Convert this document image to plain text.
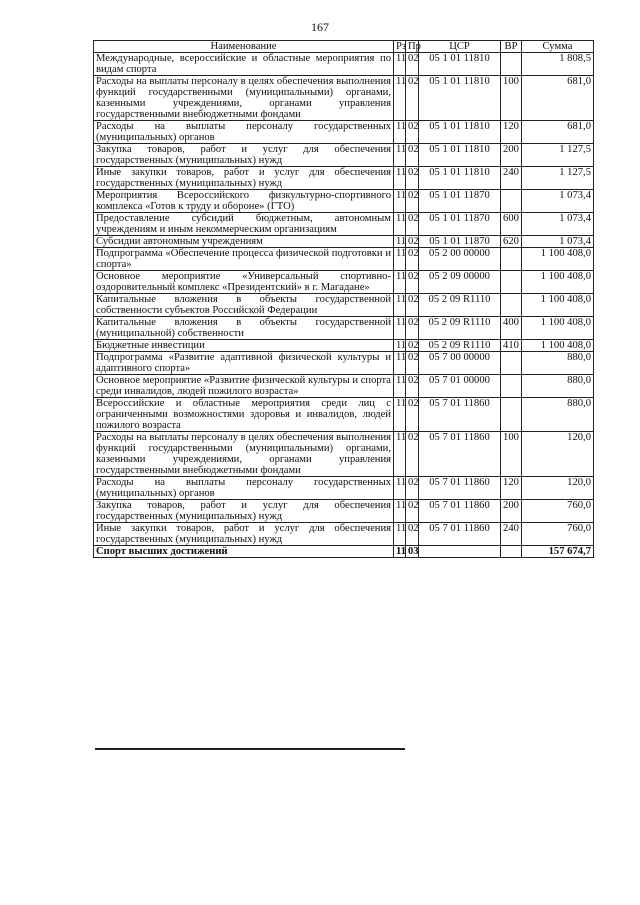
167
Наименование	Рз	Пр	ЦСР	ВР	Сумма
Международные, всероссийские и областные мероприятия по видам спорта	11	02	05 1 01 11810		1 808,5
Расходы на выплаты персоналу в целях обеспечения выполнения функций государственными (муниципальными) органами, казенными учреждениями, органами управления государственными внебюджетными фондами	11	02	05 1 01 11810	100	681,0
Расходы на выплаты персоналу государственных (муниципальных) органов	11	02	05 1 01 11810	120	681,0
Закупка товаров, работ и услуг для обеспечения государственных (муниципальных) нужд	11	02	05 1 01 11810	200	1 127,5
Иные закупки товаров, работ и услуг для обеспечения государственных (муниципальных) нужд	11	02	05 1 01 11810	240	1 127,5
Мероприятия Всероссийского физкультурно-спортивного комплекса «Готов к труду и обороне» (ГТО)	11	02	05 1 01 11870		1 073,4
Предоставление субсидий бюджетным, автономным учреждениям и иным некоммерческим организациям	11	02	05 1 01 11870	600	1 073,4
Субсидии автономным учреждениям	11	02	05 1 01 11870	620	1 073,4
Подпрограмма «Обеспечение процесса физической подготовки и спорта»	11	02	05 2 00 00000		1 100 408,0
Основное мероприятие «Универсальный спортивно-оздоровительный комплекс «Президентский» в г. Магадане»	11	02	05 2 09 00000		1 100 408,0
Капитальные вложения в объекты государственной собственности субъектов Российской Федерации	11	02	05 2 09 R1110		1 100 408,0
Капитальные вложения в объекты государственной (муниципальной) собственности	11	02	05 2 09 R1110	400	1 100 408,0
Бюджетные инвестиции	11	02	05 2 09 R1110	410	1 100 408,0
Подпрограмма «Развитие адаптивной физической культуры и адаптивного спорта»	11	02	05 7 00 00000		880,0
Основное мероприятие «Развитие физической культуры и спорта среди инвалидов, людей пожилого возраста»	11	02	05 7 01 00000		880,0
Всероссийские и областные мероприятия среди лиц с ограниченными возможностями здоровья и инвалидов, людей пожилого возраста	11	02	05 7 01 11860		880,0
Расходы на выплаты персоналу в целях обеспечения выполнения функций государственными (муниципальными) органами, казенными учреждениями, органами управления государственными внебюджетными фондами	11	02	05 7 01 11860	100	120,0
Расходы на выплаты персоналу государственных (муниципальных) органов	11	02	05 7 01 11860	120	120,0
Закупка товаров, работ и услуг для обеспечения государственных (муниципальных) нужд	11	02	05 7 01 11860	200	760,0
Иные закупки товаров, работ и услуг для обеспечения государственных (муниципальных) нужд	11	02	05 7 01 11860	240	760,0
Спорт высших достижений	11	03			157 674,7
